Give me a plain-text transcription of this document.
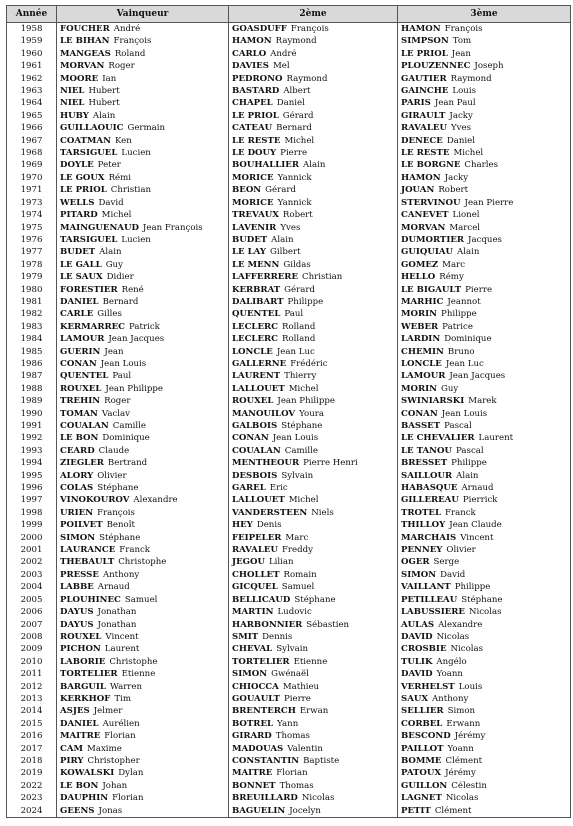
Année	Vainqueur	2ème	3ème
1958	FOUCHER André	GOASDUFF François	HAMON François
1959	LE BIHAN François	HAMON Raymond	SIMPSON Tom
1960	MANGEAS Roland	CARLO André	LE PRIOL Jean
1961	MORVAN Roger	DAVIES Mel	PLOUZENNEC Joseph
1962	MOORE Ian	PEDRONO Raymond	GAUTIER Raymond
1963	NIEL Hubert	BASTARD Albert	GAINCHE Louis
1964	NIEL Hubert	CHAPEL Daniel	PARIS Jean Paul
1965	HUBY Alain	LE PRIOL Gérard	GIRAULT Jacky
1966	GUILLAOUIC Germain	CATEAU Bernard	RAVALEU Yves
1967	COATMAN Ken	LE RESTE Michel	DENECE Daniel
1968	TARSIGUEL Lucien	LE DOUY Pierre	LE RESTE Michel
1969	DOYLE Peter	BOUHALLIER Alain	LE BORGNE Charles
1970	LE GOUX Rémi	MORICE Yannick	HAMON Jacky
1971	LE PRIOL Christian	BEON Gérard	JOUAN Robert
1973	WELLS David	MORICE Yannick	STERVINOU Jean Pierre
1974	PITARD Michel	TREVAUX Robert	CANEVET Lionel
1975	MAINGUENAUD Jean François	LAVENIR Yves	MORVAN Marcel
1976	TARSIGUEL Lucien	BUDET Alain	DUMORTIER Jacques
1977	BUDET Alain	LE LAY Gilbert	GUIQUIAU Alain
1978	LE GALL Guy	LE MENN Gildas	GOMEZ Marc
1979	LE SAUX Didier	LAFFERRERE Christian	HELLO Rémy
1980	FORESTIER René	KERBRAT Gérard	LE BIGAULT Pierre
1981	DANIEL Bernard	DALIBART Philippe	MARHIC Jeannot
1982	CARLE Gilles	QUENTEL Paul	MORIN Philippe
1983	KERMARREC Patrick	LECLERC Rolland	WEBER Patrice
1984	LAMOUR Jean Jacques	LECLERC Rolland	LARDIN Dominique
1985	GUERIN Jean	LONCLE Jean Luc	CHEMIN Bruno
1986	CONAN Jean Louis	GALLERNE Frédéric	LONCLE Jean Luc
1987	QUENTEL Paul	LAURENT Thierry	LAMOUR Jean Jacques
1988	ROUXEL Jean Philippe	LALLOUET Michel	MORIN Guy
1989	TREHIN Roger	ROUXEL Jean Philippe	SWINIARSKI Marek
1990	TOMAN Vaclav	MANOUILOV Youra	CONAN Jean Louis
1991	COUALAN Camille	GALBOIS Stéphane	BASSET Pascal
1992	LE BON Dominique	CONAN Jean Louis	LE CHEVALIER Laurent
1993	CEARD Claude	COUALAN Camille	LE TANOU Pascal
1994	ZIEGLER Bertrand	MENTHEOUR Pierre Henri	BRESSET Philippe
1995	ALORY Olivier	DESBOIS Sylvain	SAILLOUR Alain
1996	COLAS Stéphane	GAREL Eric	HABASQUE Arnaud
1997	VINOKOUROV Alexandre	LALLOUET Michel	GILLEREAU Pierrick
1998	URIEN François	VANDERSTEEN Niels	TROTEL Franck
1999	POILVET Benoît	HEY Denis	THILLOY Jean Claude
2000	SIMON Stéphane	FEIPELER Marc	MARCHAIS Vincent
2001	LAURANCE Franck	RAVALEU Freddy	PENNEY Olivier
2002	THEBAULT Christophe	JEGOU Lilian	OGER Serge
2003	PRESSE Anthony	CHOLLET Romain	SIMON David
2004	LABBE Arnaud	GICQUEL Samuel	VAILLANT Philippe
2005	PLOUHINEC Samuel	BELLICAUD Stéphane	PETILLEAU Stéphane
2006	DAYUS Jonathan	MARTIN Ludovic	LABUSSIERE Nicolas
2007	DAYUS Jonathan	HARBONNIER Sébastien	AULAS Alexandre
2008	ROUXEL Vincent	SMIT Dennis	DAVID Nicolas
2009	PICHON Laurent	CHEVAL Sylvain	CROSBIE Nicolas
2010	LABORIE Christophe	TORTELIER Etienne	TULIK Angélo
2011	TORTELIER Etienne	SIMON Gwénaël	DAVID Yoann
2012	BARGUIL Warren	CHIOCCA Mathieu	VERHELST Louis
2013	KERKHOF Tim	GOUAULT Pierre	SAUX Anthony
2014	ASJES Jelmer	BRENTERCH Erwan	SELLIER Simon
2015	DANIEL Aurélien	BOTREL Yann	CORBEL Erwann
2016	MAITRE Florian	GIRARD Thomas	BESCOND Jérémy
2017	CAM Maxime	MADOUAS Valentin	PAILLOT Yoann
2018	PIRY Christopher	CONSTANTIN Baptiste	BOMME Clément
2019	KOWALSKI Dylan	MAITRE Florian	PATOUX Jérémy
2022	LE BON Johan	BONNET Thomas	GUILLON Célestin
2023	DAUPHIN Florian	BREUILLARD Nicolas	LAGNET Nicolas
2024	GEENS Jonas	BAGUELIN Jocelyn	PETIT Clément
